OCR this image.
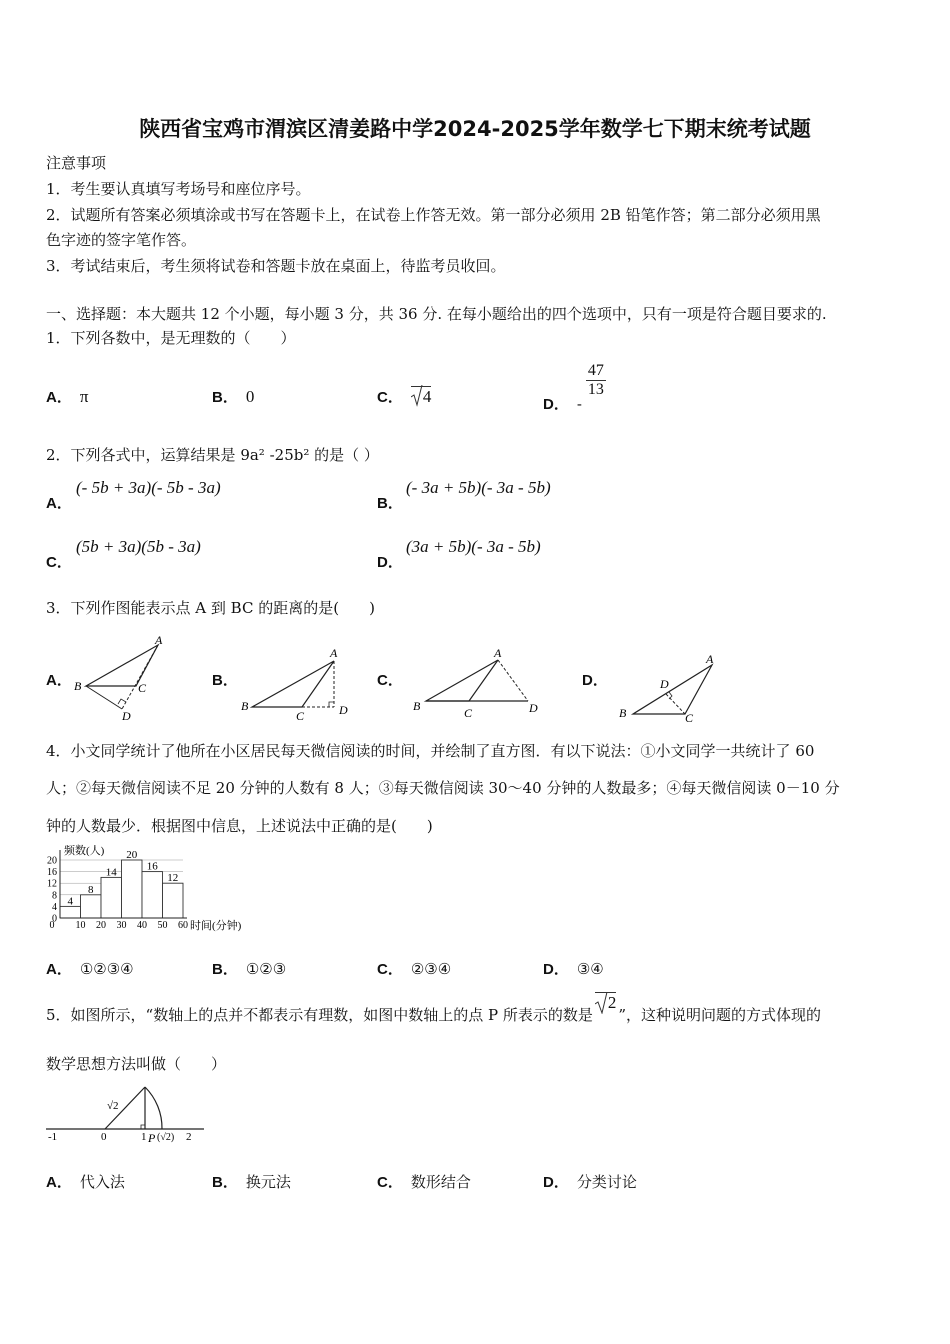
陕西省宝鸡市渭滨区清姜路中学2024-2025学年数学七下期末统考试题
注意事项
1．考生要认真填写考场号和座位序号。
2．试题所有答案必须填涂或书写在答题卡上，在试卷上作答无效。第一部分必须用 2B 铅笔作答；第二部分必须用黑
色字迹的签字笔作答。
3．考试结束后，考生须将试卷和答题卡放在桌面上，待监考员收回。
一、选择题：本大题共 12 个小题，每小题 3 分，共 36 分. 在每小题给出的四个选项中，只有一项是符合题目要求的.
1．下列各数中，是无理数的（　　）
A． π	B． 0	C． 4	D． -
$\frac{47}{13}$
2．下列各式中，运算结果是 9a² -25b² 的是（ ）
A．
(- 5b + 3a)(- 5b - 3a)
B．
(- 3a + 5b)(- 3a - 5b)
C．
(5b + 3a)(5b - 3a)
D．
(3a + 5b)(- 3a - 5b)
3．下列作图能表示点 A 到 BC 的距离的是(　　)
A．	B．	C．	D．
A
B	C
D
A
B
C	D
A
B	C	D
A
B	C
D
4．小文同学统计了他所在小区居民每天微信阅读的时间，并绘制了直方图．有以下说法：①小文同学一共统计了 60
人；②每天微信阅读不足 20 分钟的人数有 8 人；③每天微信阅读 30～40 分钟的人数最多；④每天微信阅读 0－10 分
钟的人数最少．根据图中信息，上述说法中正确的是(　　)
频数(人)
时间(分钟)
0
4
8
12
16
20
4
8
14
20
16
12
0 10 20 30 40 50 60
A． ①②③④	B． ①②③	C． ②③④	D． ③④
5．如图所示，“数轴上的点并不都表示有理数，如图中数轴上的点 P 所表示的数是
2”，这种说明问题的方式体现的
数学思想方法叫做（　　）
-1	0	1 P (√2) 2
√2
A． 代入法	B． 换元法	C． 数形结合	D． 分类讨论
